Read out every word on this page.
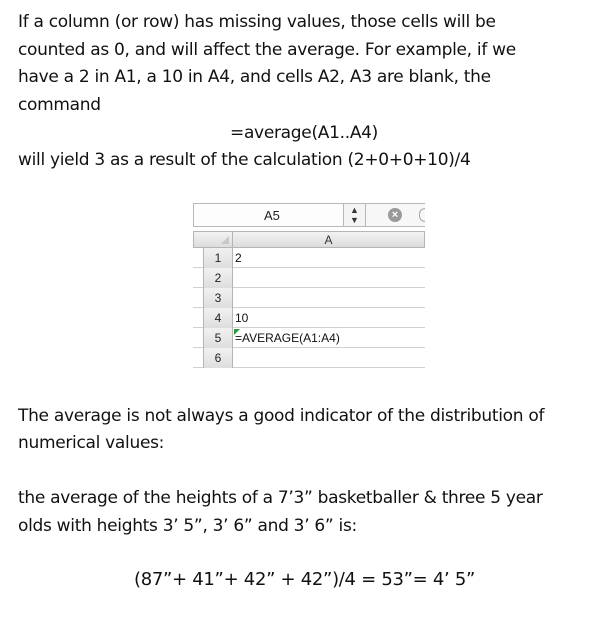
If a column (or row) has missing values, those cells will be
counted as 0, and will affect the average. For example, if we
have a 2 in A1, a 10 in A4, and cells A2, A3 are blank, the
command
=average(A1..A4)
will yield 3 as a result of the calculation (2+0+0+10)/4
A5	▲
▼	×
A
1	2
2
3
4	10
5	=AVERAGE(A1:A4)
6
The average is not always a good indicator of the distribution of
numerical values:
the average of the heights of a 7’3” basketballer & three 5 year
olds with heights 3’ 5”, 3’ 6” and 3’ 6” is:
(87”+ 41”+ 42” + 42”)/4 = 53”= 4’ 5”
